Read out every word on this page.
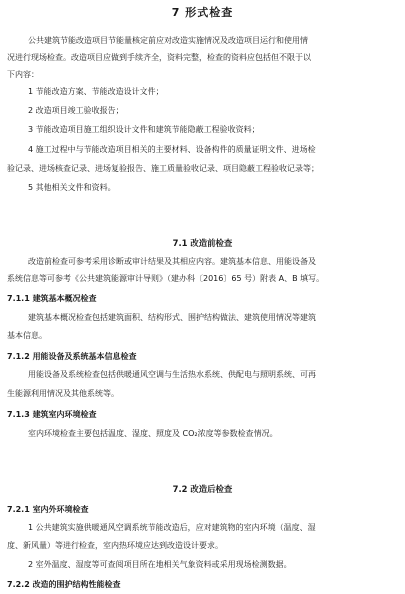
7 形式检查
公共建筑节能改造项目节能量核定前应对改造实施情况及改造项目运行和使用情
况进行现场检查。改造项目应做到手续齐全，资料完整，检查的资料应包括但不限于以
下内容：
1 节能改造方案、节能改造设计文件；
2 改造项目竣工验收报告；
3 节能改造项目施工组织设计文件和建筑节能隐蔽工程验收资料；
4 施工过程中与节能改造项目相关的主要材料、设备构件的质量证明文件、进场检
验记录、进场核查记录、进场复验报告、施工质量验收记录、项目隐蔽工程验收记录等；
5 其他相关文件和资料。
7.1 改造前检查
改造前检查可参考采用诊断或审计结果及其相应内容。建筑基本信息、用能设备及
系统信息等可参考《公共建筑能源审计导则》（建办科〔2016〕65 号）附表 A、B 填写。
7.1.1 建筑基本概况检查
建筑基本概况检查包括建筑面积、结构形式、围护结构做法、建筑使用情况等建筑
基本信息。
7.1.2 用能设备及系统基本信息检查
用能设备及系统检查包括供暖通风空调与生活热水系统、供配电与照明系统、可再
生能源利用情况及其他系统等。
7.1.3 建筑室内环境检查
室内环境检查主要包括温度、湿度、照度及 CO₂浓度等参数检查情况。
7.2 改造后检查
7.2.1 室内外环境检查
1 公共建筑实施供暖通风空调系统节能改造后，应对建筑物的室内环境（温度、湿
度、新风量）等进行检查，室内热环境应达到改造设计要求。
2 室外温度、湿度等可查阅项目所在地相关气象资料或采用现场检测数据。
7.2.2 改造的围护结构性能检查
